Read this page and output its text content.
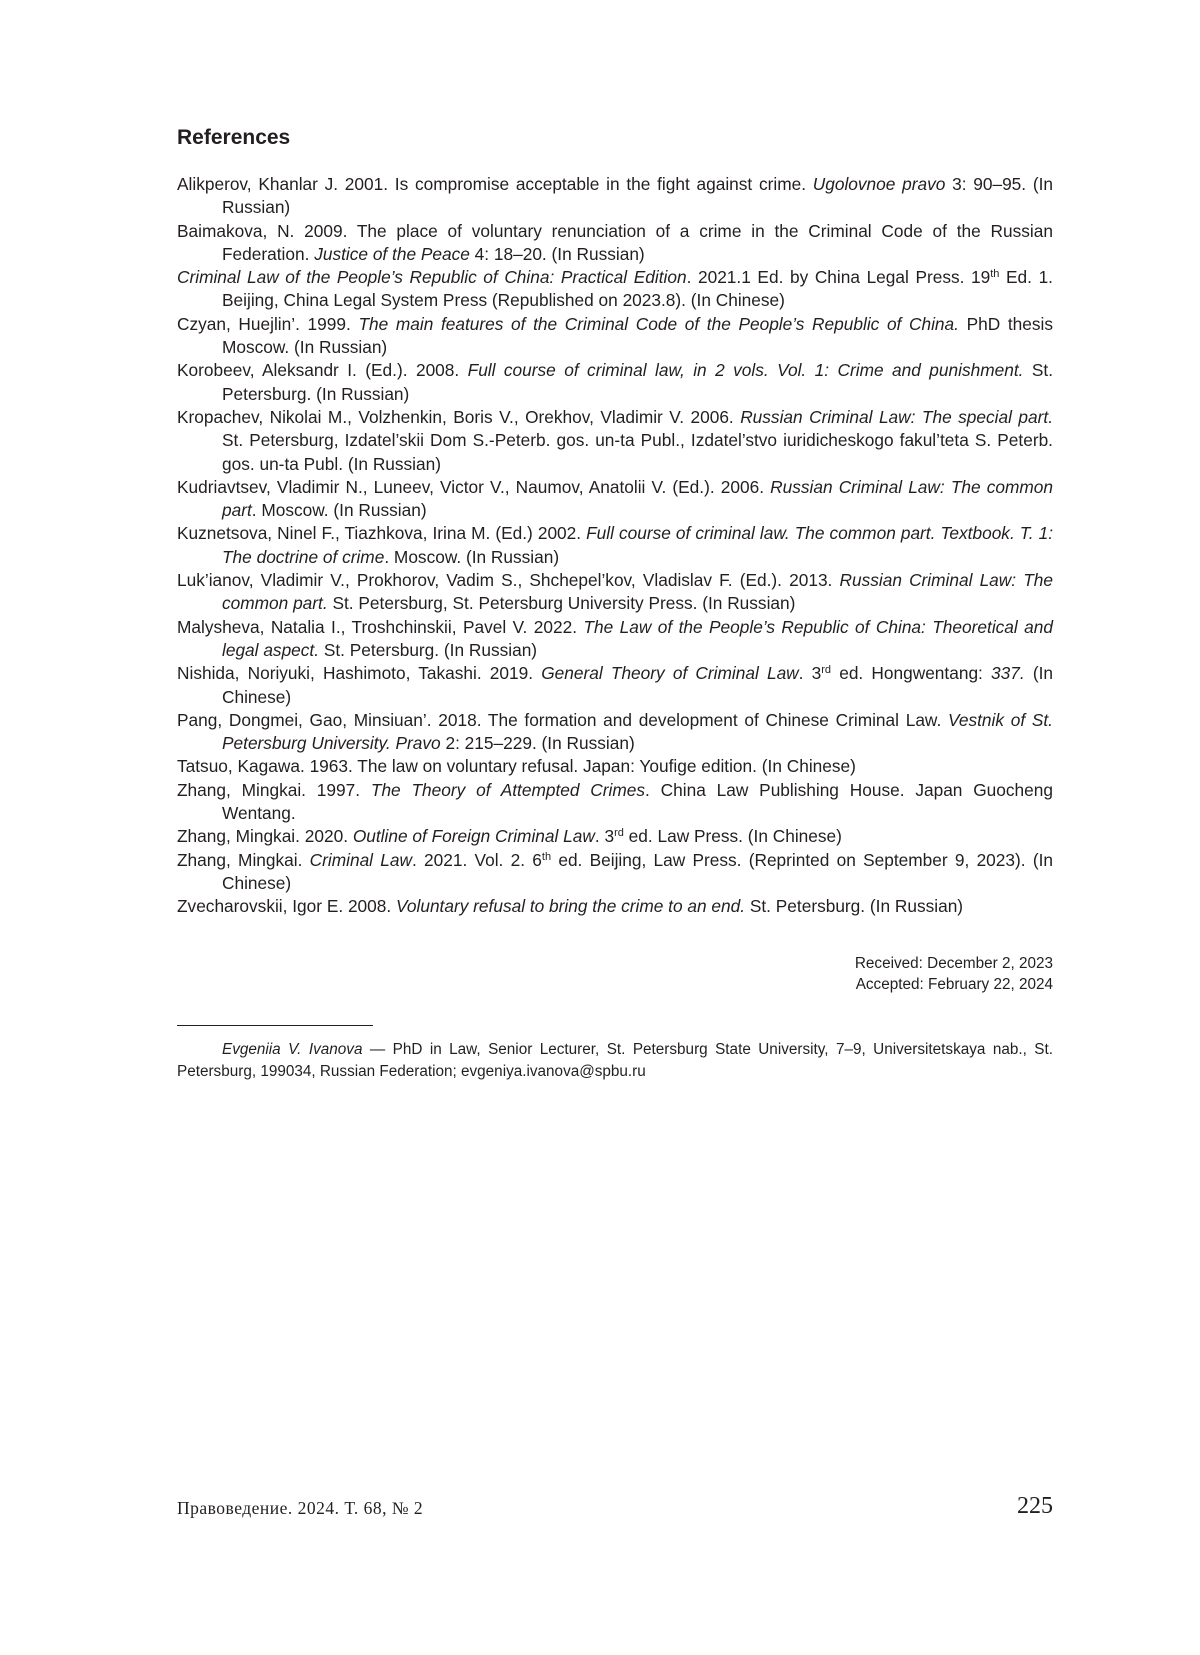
References
Alikperov, Khanlar J. 2001. Is compromise acceptable in the fight against crime. Ugolovnoe pravo 3: 90–95. (In Russian)
Baimakova, N. 2009. The place of voluntary renunciation of a crime in the Criminal Code of the Russian Federation. Justice of the Peace 4: 18–20. (In Russian)
Criminal Law of the People’s Republic of China: Practical Edition. 2021.1 Ed. by China Legal Press. 19th Ed. 1. Beijing, China Legal System Press (Republished on 2023.8). (In Chinese)
Czyan, Huejlin’. 1999. The main features of the Criminal Code of the People’s Republic of China. PhD thesis Moscow. (In Russian)
Korobeev, Aleksandr I. (Ed.). 2008. Full course of criminal law, in 2 vols. Vol. 1: Crime and punishment. St. Petersburg. (In Russian)
Kropachev, Nikolai M., Volzhenkin, Boris V., Orekhov, Vladimir V. 2006. Russian Criminal Law: The special part. St. Petersburg, Izdatel’skii Dom S.-Peterb. gos. un-ta Publ., Izdatel’stvo iuridicheskogo fakul’teta S. Peterb. gos. un-ta Publ. (In Russian)
Kudriavtsev, Vladimir N., Luneev, Victor V., Naumov, Anatolii V. (Ed.). 2006. Russian Criminal Law: The common part. Moscow. (In Russian)
Kuznetsova, Ninel F., Tiazhkova, Irina M. (Ed.) 2002. Full course of criminal law. The common part. Textbook. T. 1: The doctrine of crime. Moscow. (In Russian)
Luk’ianov, Vladimir V., Prokhorov, Vadim S., Shchepel’kov, Vladislav F. (Ed.). 2013. Russian Criminal Law: The common part. St. Petersburg, St. Petersburg University Press. (In Russian)
Malysheva, Natalia I., Troshchinskii, Pavel V. 2022. The Law of the People’s Republic of China: Theoretical and legal aspect. St. Petersburg. (In Russian)
Nishida, Noriyuki, Hashimoto, Takashi. 2019. General Theory of Criminal Law. 3rd ed. Hongwentang: 337. (In Chinese)
Pang, Dongmei, Gao, Minsiuan’. 2018. The formation and development of Chinese Criminal Law. Vestnik of St. Petersburg University. Pravo 2: 215–229. (In Russian)
Tatsuo, Kagawa. 1963. The law on voluntary refusal. Japan: Youfige edition. (In Chinese)
Zhang, Mingkai. 1997. The Theory of Attempted Crimes. China Law Publishing House. Japan Guocheng Wentang.
Zhang, Mingkai. 2020. Outline of Foreign Criminal Law. 3rd ed. Law Press. (In Chinese)
Zhang, Mingkai. Criminal Law. 2021. Vol. 2. 6th ed. Beijing, Law Press. (Reprinted on September 9, 2023). (In Chinese)
Zvecharovskii, Igor E. 2008. Voluntary refusal to bring the crime to an end. St. Petersburg. (In Russian)
Received: December 2, 2023
Accepted: February 22, 2024
Evgeniia V. Ivanova — PhD in Law, Senior Lecturer, St. Petersburg State University, 7–9, Universitetskaya nab., St. Petersburg, 199034, Russian Federation; evgeniya.ivanova@spbu.ru
Правоведение. 2024. Т. 68, № 2	225
